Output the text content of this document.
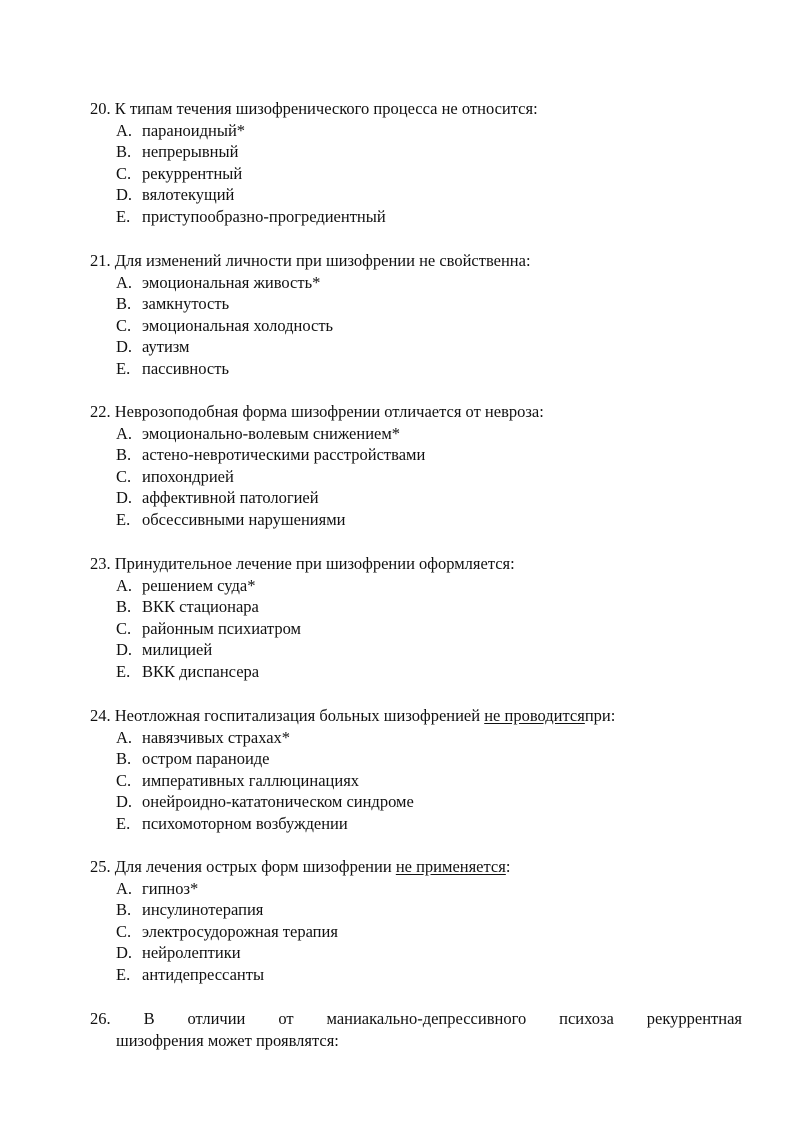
20. К типам течения шизофренического процесса не относится:
A. параноидный*
B. непрерывный
C. рекуррентный
D. вялотекущий
E. приступообразно-прогредиентный
21. Для изменений личности при шизофрении не свойственна:
A. эмоциональная живость*
B. замкнутость
C. эмоциональная холодность
D. аутизм
E. пассивность
22. Неврозоподобная форма шизофрении отличается от невроза:
A. эмоционально-волевым снижением*
B. астено-невротическими расстройствами
C. ипохондрией
D. аффективной патологией
E. обсессивными нарушениями
23. Принудительное лечение при шизофрении оформляется:
A. решением суда*
B. ВКК стационара
C. районным психиатром
D. милицией
E. ВКК диспансера
24. Неотложная госпитализация больных шизофренией не проводитсяпри:
A. навязчивых страхах*
B. остром параноиде
C. императивных галлюцинациях
D. онейроидно-кататоническом синдроме
E. психомоторном возбуждении
25. Для лечения острых форм шизофрении не применяется:
A. гипноз*
B. инсулинотерапия
C. электросудорожная терапия
D. нейролептики
E. антидепрессанты
26. В отличии от маниакально-депрессивного психоза рекуррентная
шизофрения может проявлятся:
